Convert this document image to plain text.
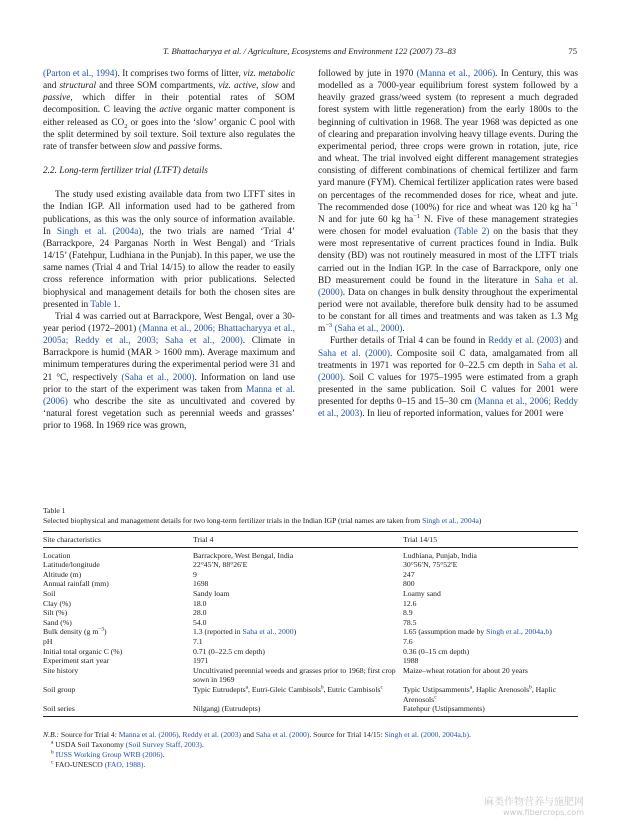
T. Bhattacharyya et al. / Agriculture, Ecosystems and Environment 122 (2007) 73–83	75

(Parton et al., 1994). It comprises two forms of litter, viz. metabolic and structural and three SOM compartments, viz. active, slow and passive, which differ in their potential rates of SOM decomposition. C leaving the active organic matter component is either released as $CO_2$ or goes into the ‘slow’ organic C pool with the split determined by soil texture. Soil texture also regulates the rate of transfer between slow and passive forms.

2.2. Long-term fertilizer trial (LTFT) details

The study used existing available data from two LTFT sites in the Indian IGP. All information used had to be gathered from publications, as this was the only source of information available. In Singh et al. (2004a), the two trials are named ‘Trial 4’ (Barrackpore, 24 Parganas North in West Bengal) and ‘Trials 14/15’ (Fatehpur, Ludhiana in the Punjab). In this paper, we use the same names (Trial 4 and Trial 14/15) to allow the reader to easily cross reference information with prior publications. Selected biophysical and management details for both the chosen sites are presented in Table 1.

Trial 4 was carried out at Barrackpore, West Bengal, over a 30-year period (1972–2001) (Manna et al., 2006; Bhattacharyya et al., 2005a; Reddy et al., 2003; Saha et al., 2000). Climate in Barrackpore is humid (MAR > 1600 mm). Average maximum and minimum temperatures during the experimental period were 31 and 21 °C, respectively (Saha et al., 2000). Information on land use prior to the start of the experiment was taken from Manna et al. (2006) who describe the site as uncultivated and covered by ‘natural forest vegetation such as perennial weeds and grasses’ prior to 1968. In 1969 rice was grown,

followed by jute in 1970 (Manna et al., 2006). In Century, this was modelled as a 7000-year equilibrium forest system followed by a heavily grazed grass/weed system (to represent a much degraded forest system with little regeneration) from the early 1800s to the beginning of cultivation in 1968. The year 1968 was depicted as one of clearing and preparation involving heavy tillage events. During the experimental period, three crops were grown in rotation, jute, rice and wheat. The trial involved eight different management strategies consisting of different combinations of chemical fertilizer and farm yard manure (FYM). Chemical fertilizer application rates were based on percentages of the recommended doses for rice, wheat and jute. The recommended dose (100%) for rice and wheat was 120 kg $ha^{-1}$ N and for jute 60 kg $ha^{-1}$ N. Five of these management strategies were chosen for model evaluation (Table 2) on the basis that they were most representative of current practices found in India. Bulk density (BD) was not routinely measured in most of the LTFT trials carried out in the Indian IGP. In the case of Barrackpore, only one BD measurement could be found in the literature in Saha et al. (2000). Data on changes in bulk density throughout the experimental period were not available, therefore bulk density had to be assumed to be constant for all times and treatments and was taken as 1.3 Mg $m^{-3}$ (Saha et al., 2000).

Further details of Trial 4 can be found in Reddy et al. (2003) and Saha et al. (2000). Composite soil C data, amalgamated from all treatments in 1971 was reported for 0–22.5 cm depth in Saha et al. (2000). Soil C values for 1975–1995 were estimated from a graph presented in the same publication. Soil C values for 2001 were presented for depths 0–15 and 15–30 cm (Manna et al., 2006; Reddy et al., 2003). In lieu of reported information, values for 2001 were

Table 1
Selected biophysical and management details for two long-term fertilizer trials in the Indian IGP (trial names are taken from Singh et al., 2004a)
Site characteristics	Trial 4	Trial 14/15
Location	Barrackpore, West Bengal, India	Ludhiana, Punjab, India
Latitude/longitude	22°45′N, 88°26′E	30°56′N, 75°52′E
Altitude (m)	9	247
Annual rainfall (mm)	1698	800
Soil	Sandy loam	Loamy sand
Clay (%)	18.0	12.6
Silt (%)	28.0	8.9
Sand (%)	54.0	78.5
Bulk density (g $m^{-3}$)	1.3 (reported in Saha et al., 2000)	1.65 (assumption made by Singh et al., 2004a,b)
pH	7.1	7.6
Initial total organic C (%)	0.71 (0–22.5 cm depth)	0.36 (0–15 cm depth)
Experiment start year	1971	1988
Site history	Uncultivated perennial weeds and grasses prior to 1968; first crop sown in 1969	Maize–wheat rotation for about 20 years
Soil group	Typic Eutrudepts$^a$, Eutri-Gleic Cambisols$^b$, Eutric Cambisols$^c$	Typic Ustipsamments$^a$, Haplic Arenosols$^b$, Haplic Arenosols$^c$
Soil series	Nilgangj (Eutrudepts)	Fatehpur (Ustipsamments)

N.B.: Source for Trial 4: Manna et al. (2006), Reddy et al. (2003) and Saha et al. (2000). Source for Trial 14/15: Singh et al. (2000, 2004a,b).

$^a$ USDA Soil Taxonomy (Soil Survey Staff, 2003).

$^b$ IUSS Working Group WRB (2006).

$^c$ FAO-UNESCO (FAO, 1988).

麻类作物营养与施肥网
www.fibercrops.com
